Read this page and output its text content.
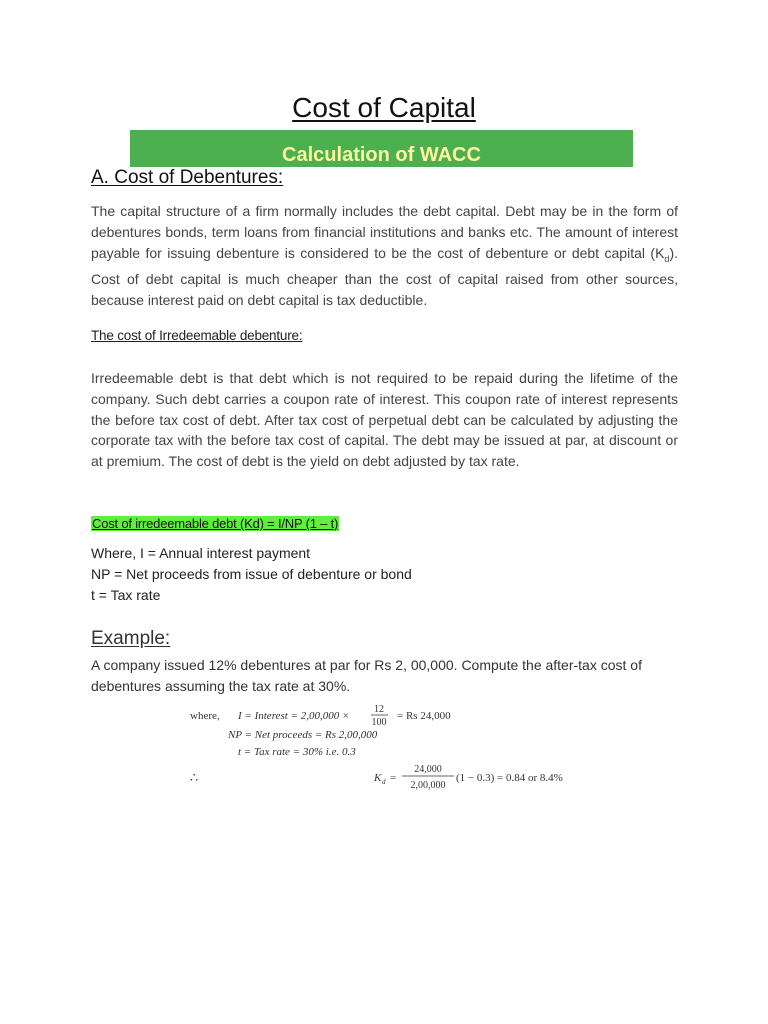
Cost of Capital
Calculation of WACC
A. Cost of Debentures:

The capital structure of a firm normally includes the debt capital. Debt may be in the form of debentures bonds, term loans from financial institutions and banks etc. The amount of interest payable for issuing debenture is considered to be the cost of debenture or debt capital $(K_d)$. Cost of debt capital is much cheaper than the cost of capital raised from other sources, because interest paid on debt capital is tax deductible.

The cost of Irredeemable debenture:

Irredeemable debt is that debt which is not required to be repaid during the lifetime of the company. Such debt carries a coupon rate of interest. This coupon rate of interest represents the before tax cost of debt. After tax cost of perpetual debt can be calculated by adjusting the corporate tax with the before tax cost of capital. The debt may be issued at par, at discount or at premium. The cost of debt is the yield on debt adjusted by tax rate.

Cost of irredeemable debt (Kd) = I/NP (1 – t)
Where, I = Annual interest payment
NP = Net proceeds from issue of debenture or bond
t = Tax rate
Example:

A company issued 12% debentures at par for Rs 2, 00,000. Compute the after-tax cost of debentures assuming the tax rate at 30%.

where, I = Interest = 2,00,000 ×
12
100
= Rs 24,000
NP = Net proceeds = Rs 2,00,000
t = Tax rate = 30% i.e. 0.3
∴	K d =
24,000
2,00,000
(1 − 0.3) = 0.84 or 8.4%
